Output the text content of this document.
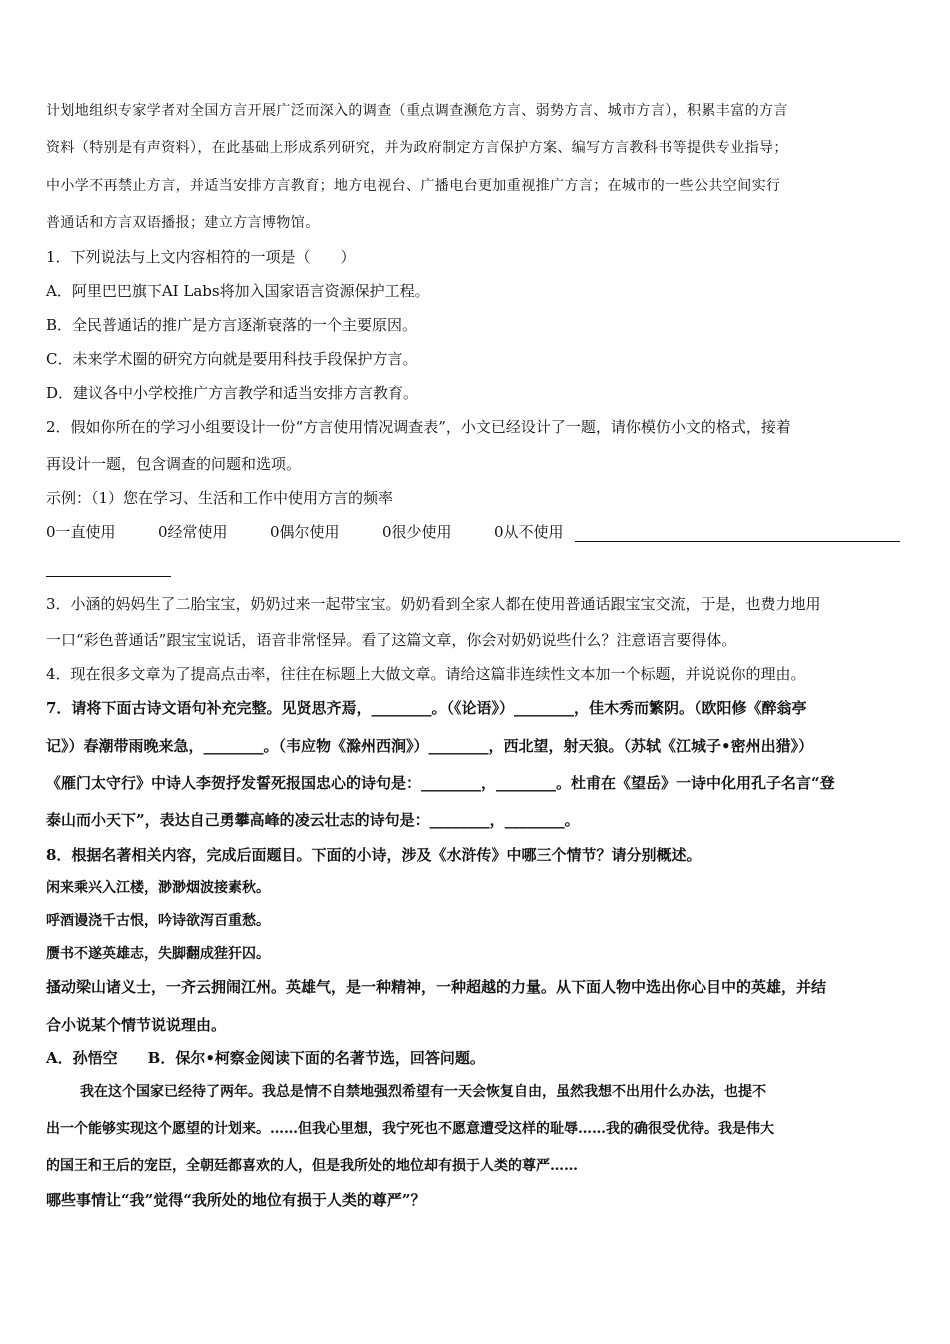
计划地组织专家学者对全国方言开展广泛而深入的调查（重点调查濒危方言、弱势方言、城市方言），积累丰富的方言
资料（特别是有声资料），在此基础上形成系列研究，并为政府制定方言保护方案、编写方言教科书等提供专业指导；
中小学不再禁止方言，并适当安排方言教育；地方电视台、广播电台更加重视推广方言；在城市的一些公共空间实行
普通话和方言双语播报；建立方言博物馆。
1．下列说法与上文内容相符的一项是（　　）
A．阿里巴巴旗下AI Labs将加入国家语言资源保护工程。
B．全民普通话的推广是方言逐渐衰落的一个主要原因。
C．未来学术圈的研究方向就是要用科技手段保护方言。
D．建议各中小学校推广方言教学和适当安排方言教育。
2．假如你所在的学习小组要设计一份“方言使用情况调查表”，小文已经设计了一题，请你模仿小文的格式，接着
再设计一题，包含调查的问题和选项。
示例：（1）您在学习、生活和工作中使用方言的频率
0一直使用	0经常使用	0偶尔使用	0很少使用	0从不使用
3．小涵的妈妈生了二胎宝宝，奶奶过来一起带宝宝。奶奶看到全家人都在使用普通话跟宝宝交流，于是，也费力地用
一口“彩色普通话”跟宝宝说话，语音非常怪异。看了这篇文章，你会对奶奶说些什么？注意语言要得体。
4．现在很多文章为了提高点击率，往往在标题上大做文章。请给这篇非连续性文本加一个标题，并说说你的理由。
7．请将下面古诗文语句补充完整。见贤思齐焉，________。（《论语》）________，佳木秀而繁阴。（欧阳修《醉翁亭
记》）春潮带雨晚来急，________。（韦应物《滁州西涧》）________，西北望，射天狼。（苏轼《江城子•密州出猎》）
《雁门太守行》中诗人李贺抒发誓死报国忠心的诗句是：________，________。杜甫在《望岳》一诗中化用孔子名言“登
泰山而小天下”，表达自己勇攀高峰的凌云壮志的诗句是：________，________。
8．根据名著相关内容，完成后面题目。下面的小诗，涉及《水浒传》中哪三个情节？请分别概述。
闲来乘兴入江楼，渺渺烟波接素秋。
呼酒谩浇千古恨，吟诗欲泻百重愁。
赝书不遂英雄志，失脚翻成狴犴囚。
搔动梁山诸义士，一齐云拥闹江州。英雄气，是一种精神，一种超越的力量。从下面人物中选出你心目中的英雄，并结
合小说某个情节说说理由。
A．孙悟空　　B．保尔•柯察金阅读下面的名著节选，回答问题。
我在这个国家已经待了两年。我总是情不自禁地强烈希望有一天会恢复自由，虽然我想不出用什么办法，也提不
出一个能够实现这个愿望的计划来。……但我心里想，我宁死也不愿意遭受这样的耻辱……我的确很受优待。我是伟大
的国王和王后的宠臣，全朝廷都喜欢的人，但是我所处的地位却有损于人类的尊严……
哪些事情让“我”觉得“我所处的地位有损于人类的尊严”？
